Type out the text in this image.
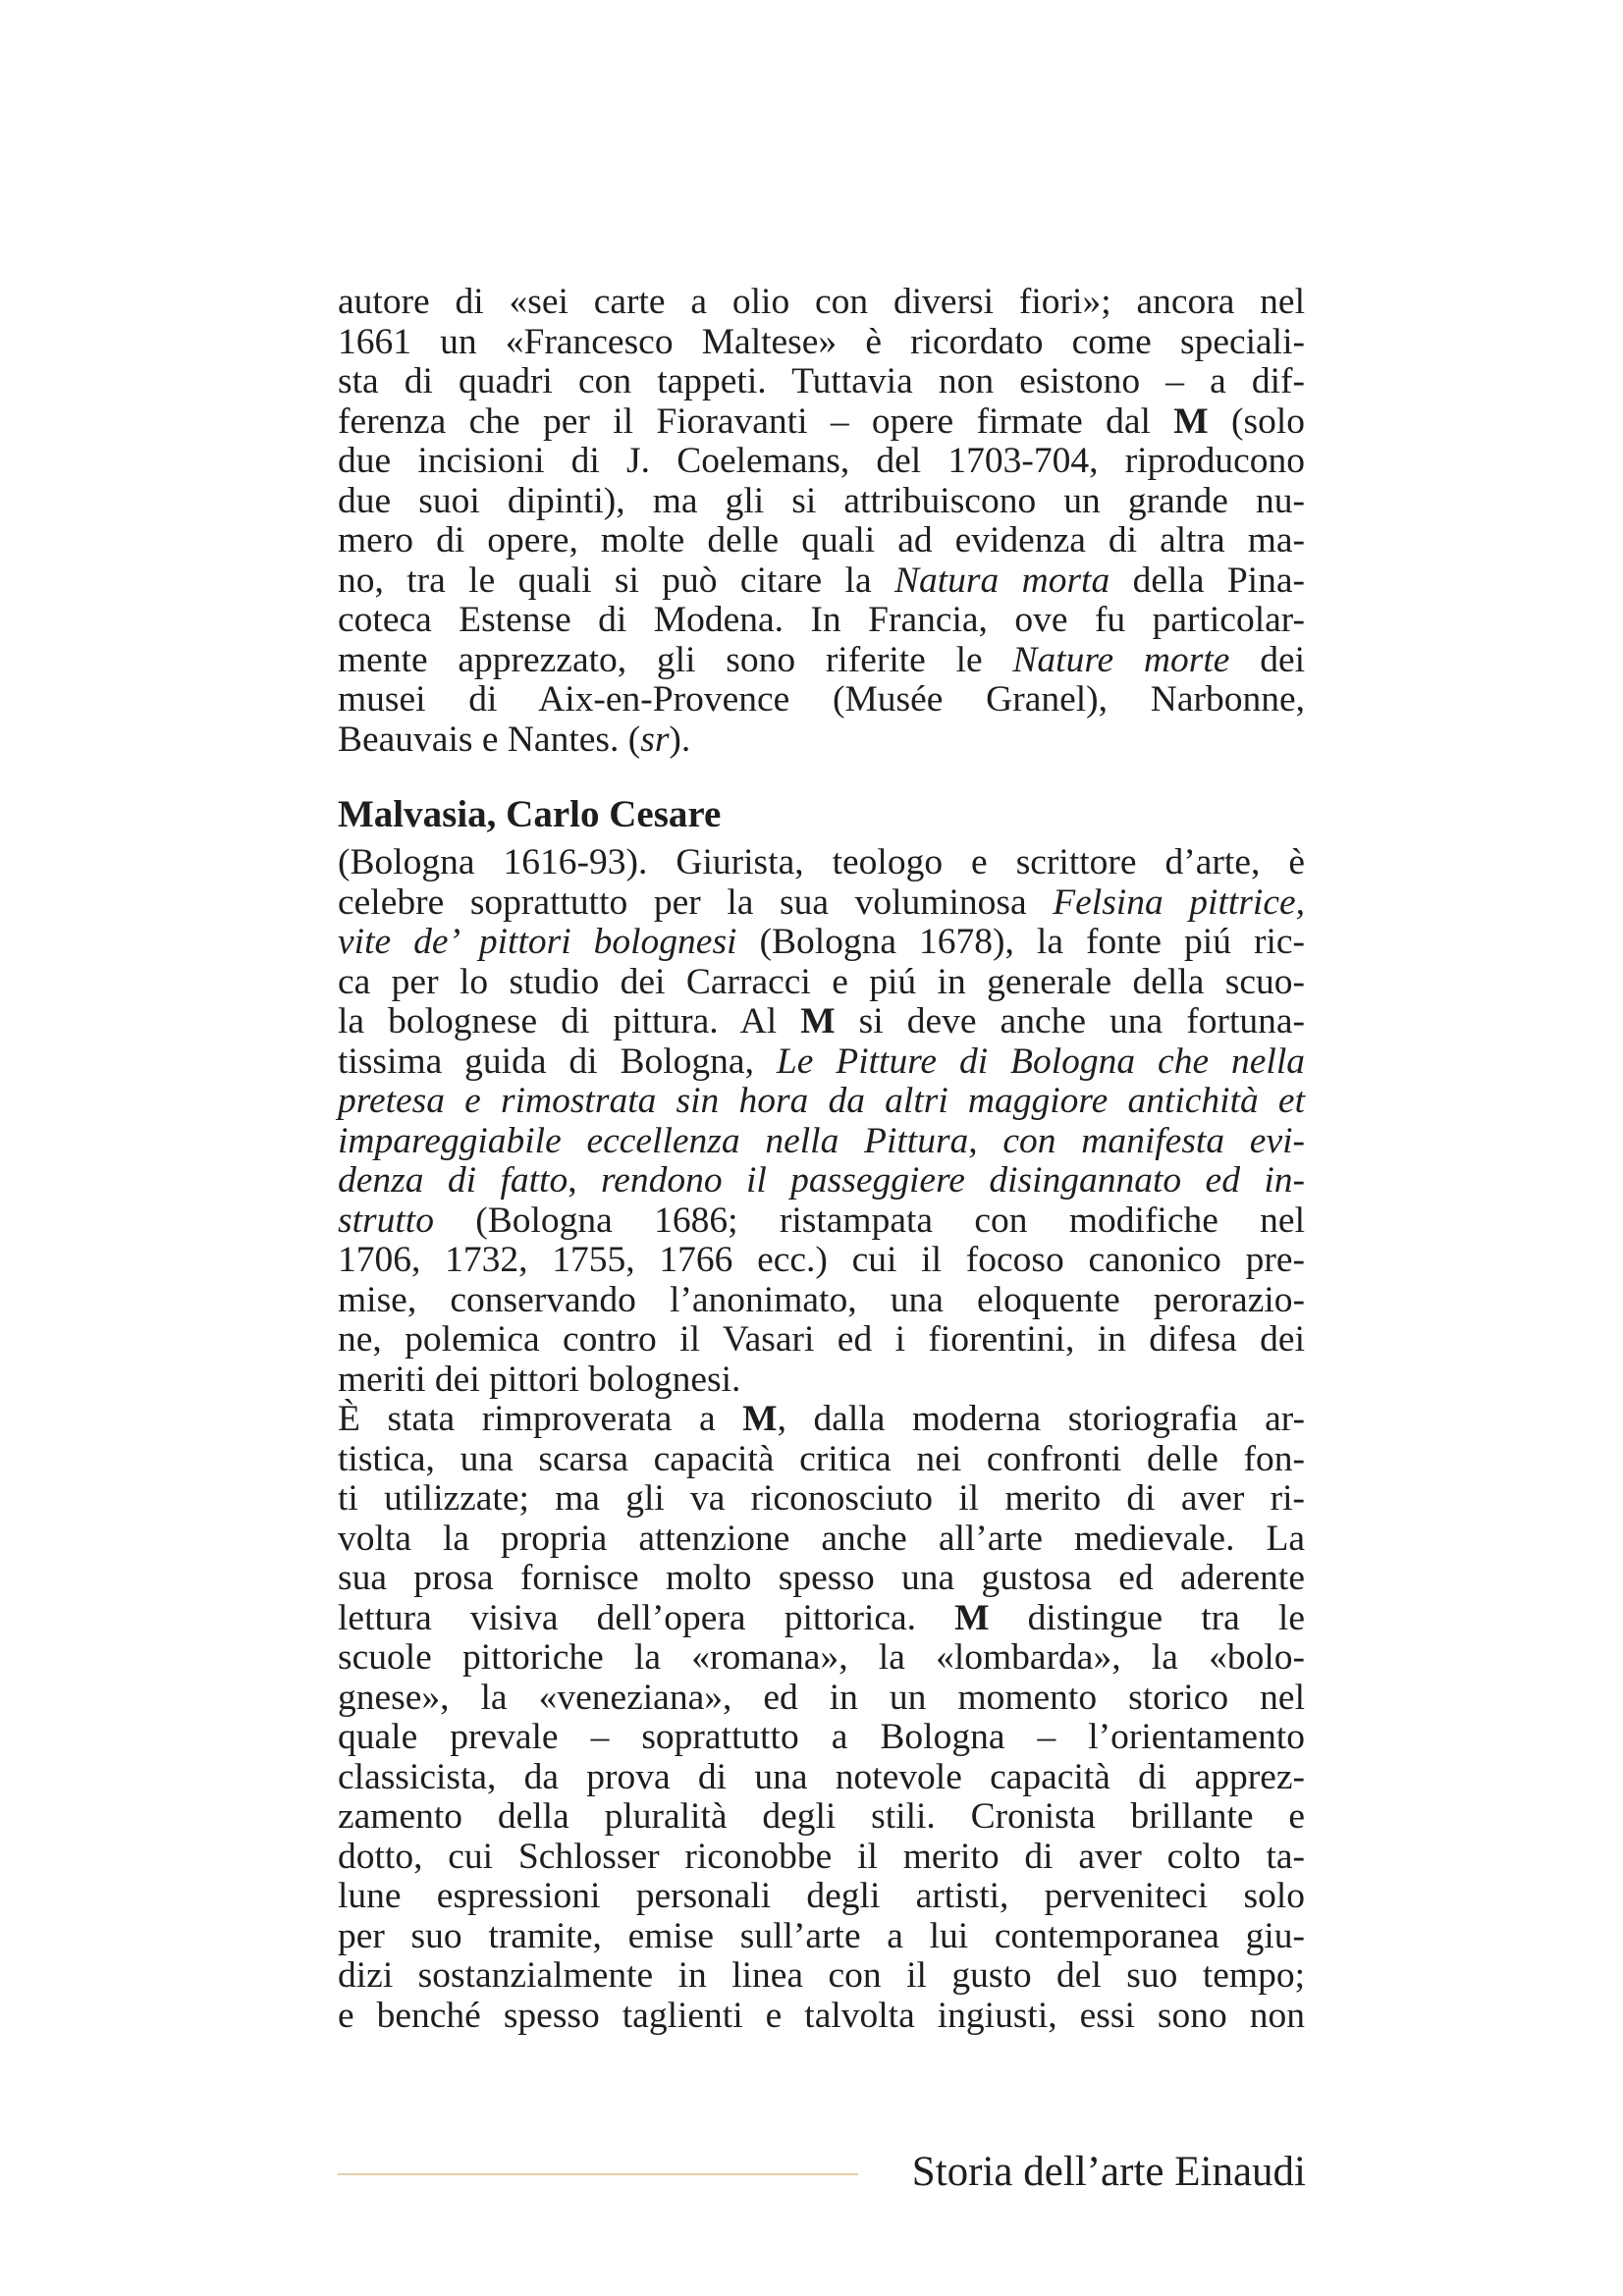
autore di «sei carte a olio con diversi fiori»; ancora nel
1661 un «Francesco Maltese» è ricordato come speciali-
sta di quadri con tappeti. Tuttavia non esistono – a dif-
ferenza che per il Fioravanti – opere firmate dal M (solo
due incisioni di J. Coelemans, del 1703-704, riproducono
due suoi dipinti), ma gli si attribuiscono un grande nu-
mero di opere, molte delle quali ad evidenza di altra ma-
no, tra le quali si può citare la Natura morta della Pina-
coteca Estense di Modena. In Francia, ove fu particolar-
mente apprezzato, gli sono riferite le Nature morte dei
musei di Aix-en-Provence (Musée Granel), Narbonne,
Beauvais e Nantes. (sr).
Malvasia, Carlo Cesare
(Bologna 1616-93). Giurista, teologo e scrittore d’arte, è
celebre soprattutto per la sua voluminosa Felsina pittrice,
vite de’ pittori bolognesi (Bologna 1678), la fonte piú ric-
ca per lo studio dei Carracci e piú in generale della scuo-
la bolognese di pittura. Al M si deve anche una fortuna-
tissima guida di Bologna, Le Pitture di Bologna che nella
pretesa e rimostrata sin hora da altri maggiore antichità et
impareggiabile eccellenza nella Pittura, con manifesta evi-
denza di fatto, rendono il passeggiere disingannato ed in-
strutto (Bologna 1686; ristampata con modifiche nel
1706, 1732, 1755, 1766 ecc.) cui il focoso canonico pre-
mise, conservando l’anonimato, una eloquente perorazio-
ne, polemica contro il Vasari ed i fiorentini, in difesa dei
meriti dei pittori bolognesi.
È stata rimproverata a M, dalla moderna storiografia ar-
tistica, una scarsa capacità critica nei confronti delle fon-
ti utilizzate; ma gli va riconosciuto il merito di aver ri-
volta la propria attenzione anche all’arte medievale. La
sua prosa fornisce molto spesso una gustosa ed aderente
lettura visiva dell’opera pittorica. M distingue tra le
scuole pittoriche la «romana», la «lombarda», la «bolo-
gnese», la «veneziana», ed in un momento storico nel
quale prevale – soprattutto a Bologna – l’orientamento
classicista, da prova di una notevole capacità di apprez-
zamento della pluralità degli stili. Cronista brillante e
dotto, cui Schlosser riconobbe il merito di aver colto ta-
lune espressioni personali degli artisti, perveniteci solo
per suo tramite, emise sull’arte a lui contemporanea giu-
dizi sostanzialmente in linea con il gusto del suo tempo;
e benché spesso taglienti e talvolta ingiusti, essi sono non
Storia dell’arte Einaudi
